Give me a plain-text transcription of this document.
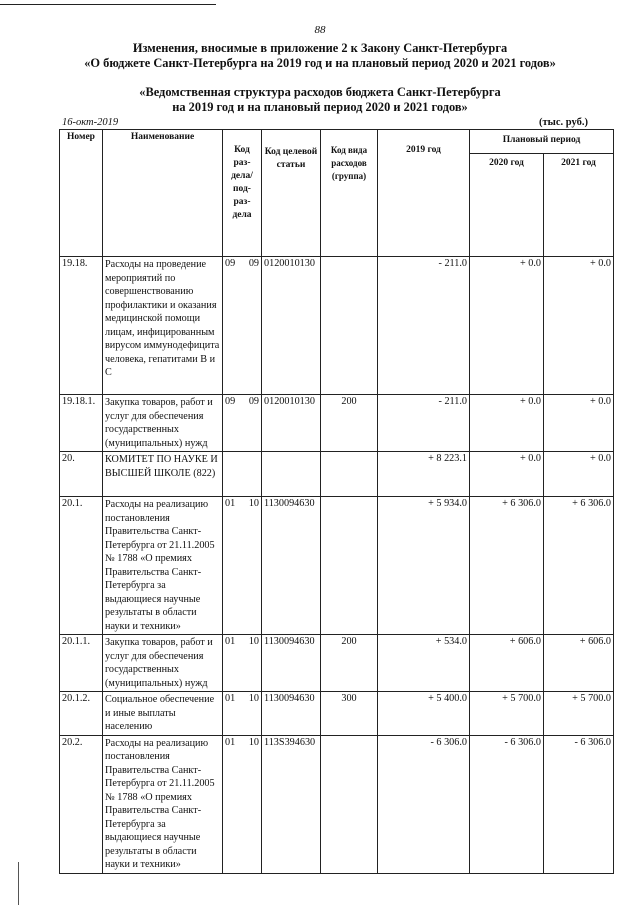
88
Изменения, вносимые в приложение 2 к Закону Санкт-Петербурга
«О бюджете Санкт-Петербурга на 2019 год и на плановый период 2020 и 2021 годов»
«Ведомственная структура расходов бюджета Санкт-Петербурга
на 2019 год и на плановый период 2020 и 2021 годов»
16-окт-2019	(тыс. руб.)
Номер	Наименование	Код раз- дела/ под- раз- дела	Код целевой статьи	Код вида расходов (группа)	2019 год	Плановый период	
						2020 год	2021 год
19.18.	Расходы на проведение мероприятий по совершенствованию профилактики и оказания медицинской помощи лицам, инфицированным вирусом иммунодефицита человека, гепатитами В и С	09 09	0120010130		- 211.0	+ 0.0	+ 0.0
19.18.1.	Закупка товаров, работ и услуг для обеспечения государственных (муниципальных) нужд	09 09	0120010130	200	- 211.0	+ 0.0	+ 0.0
20.	КОМИТЕТ ПО НАУКЕ И ВЫСШЕЙ ШКОЛЕ (822)				+ 8 223.1	+ 0.0	+ 0.0
20.1.	Расходы на реализацию постановления Правительства Санкт-Петербурга от 21.11.2005 № 1788 «О премиях Правительства Санкт-Петербурга за выдающиеся научные результаты в области науки и техники»	01 10	1130094630		+ 5 934.0	+ 6 306.0	+ 6 306.0
20.1.1.	Закупка товаров, работ и услуг для обеспечения государственных (муниципальных) нужд	01 10	1130094630	200	+ 534.0	+ 606.0	+ 606.0
20.1.2.	Социальное обеспечение и иные выплаты населению	01 10	1130094630	300	+ 5 400.0	+ 5 700.0	+ 5 700.0
20.2.	Расходы на реализацию постановления Правительства Санкт-Петербурга от 21.11.2005 № 1788 «О премиях Правительства Санкт-Петербурга за выдающиеся научные результаты в области науки и техники»	01 10	113S394630		- 6 306.0	- 6 306.0	- 6 306.0
